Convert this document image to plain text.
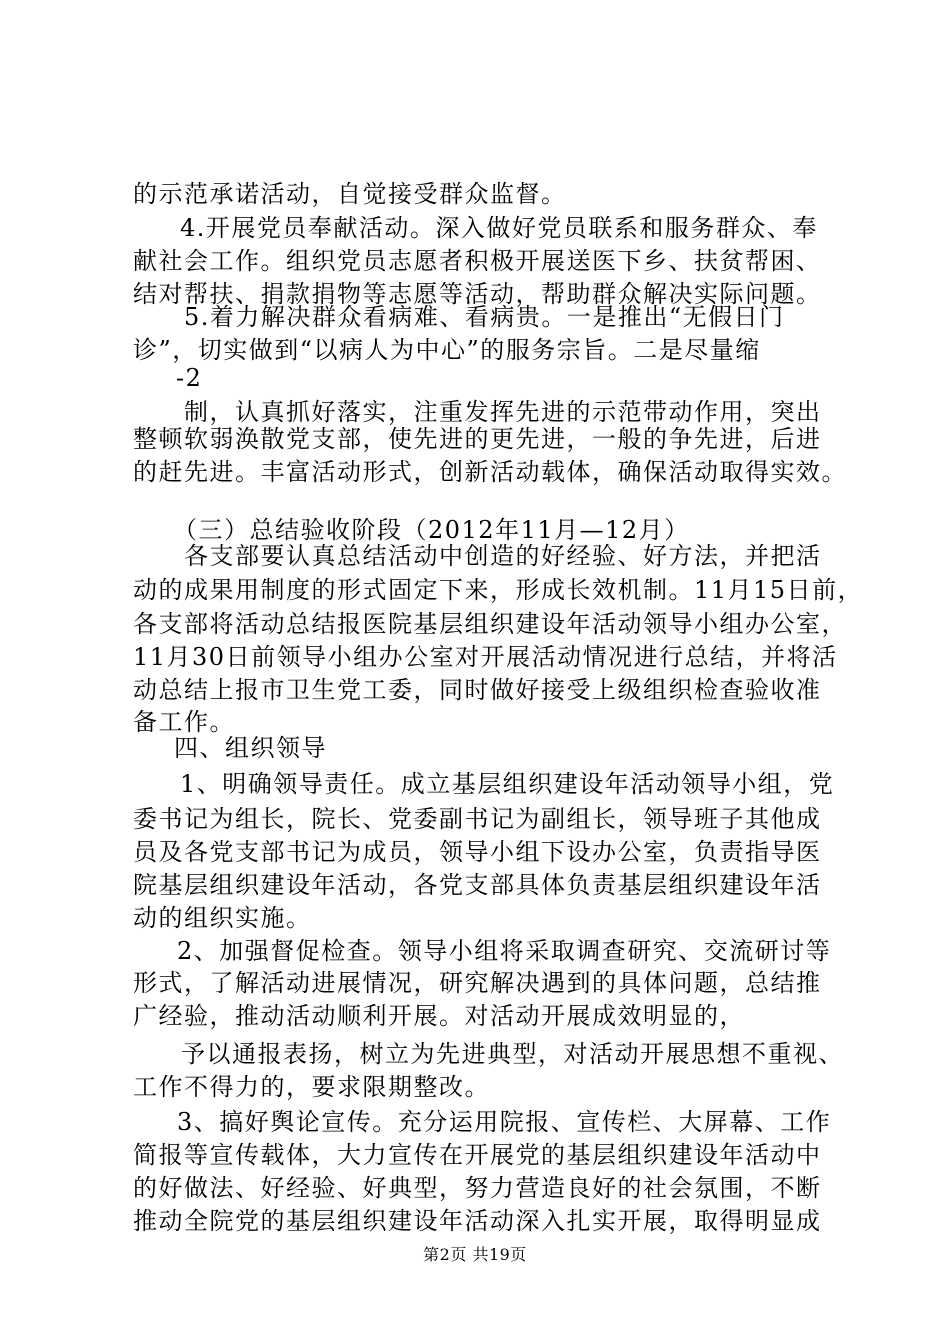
的示范承诺活动，自觉接受群众监督。
4.开展党员奉献活动。深入做好党员联系和服务群众、奉
献社会工作。组织党员志愿者积极开展送医下乡、扶贫帮困、
结对帮扶、捐款捐物等志愿等活动，帮助群众解决实际问题。
5.着力解决群众看病难、看病贵。一是推出“无假日门
诊”，切实做到“以病人为中心”的服务宗旨。二是尽量缩
-2
制，认真抓好落实，注重发挥先进的示范带动作用，突出
整顿软弱涣散党支部，使先进的更先进，一般的争先进，后进
的赶先进。丰富活动形式，创新活动载体，确保活动取得实效。
（三）总结验收阶段（2012年11月—12月）
各支部要认真总结活动中创造的好经验、好方法，并把活
动的成果用制度的形式固定下来，形成长效机制。11月15日前，
各支部将活动总结报医院基层组织建设年活动领导小组办公室，
11月30日前领导小组办公室对开展活动情况进行总结，并将活
动总结上报市卫生党工委，同时做好接受上级组织检查验收准
备工作。
四、组织领导
1、明确领导责任。成立基层组织建设年活动领导小组，党
委书记为组长，院长、党委副书记为副组长，领导班子其他成
员及各党支部书记为成员，领导小组下设办公室，负责指导医
院基层组织建设年活动，各党支部具体负责基层组织建设年活
动的组织实施。
2、加强督促检查。领导小组将采取调查研究、交流研讨等
形式，了解活动进展情况，研究解决遇到的具体问题，总结推
广经验，推动活动顺利开展。对活动开展成效明显的，
予以通报表扬，树立为先进典型，对活动开展思想不重视、
工作不得力的，要求限期整改。
3、搞好舆论宣传。充分运用院报、宣传栏、大屏幕、工作
简报等宣传载体，大力宣传在开展党的基层组织建设年活动中
的好做法、好经验、好典型，努力营造良好的社会氛围，不断
推动全院党的基层组织建设年活动深入扎实开展，取得明显成
第2页 共19页
